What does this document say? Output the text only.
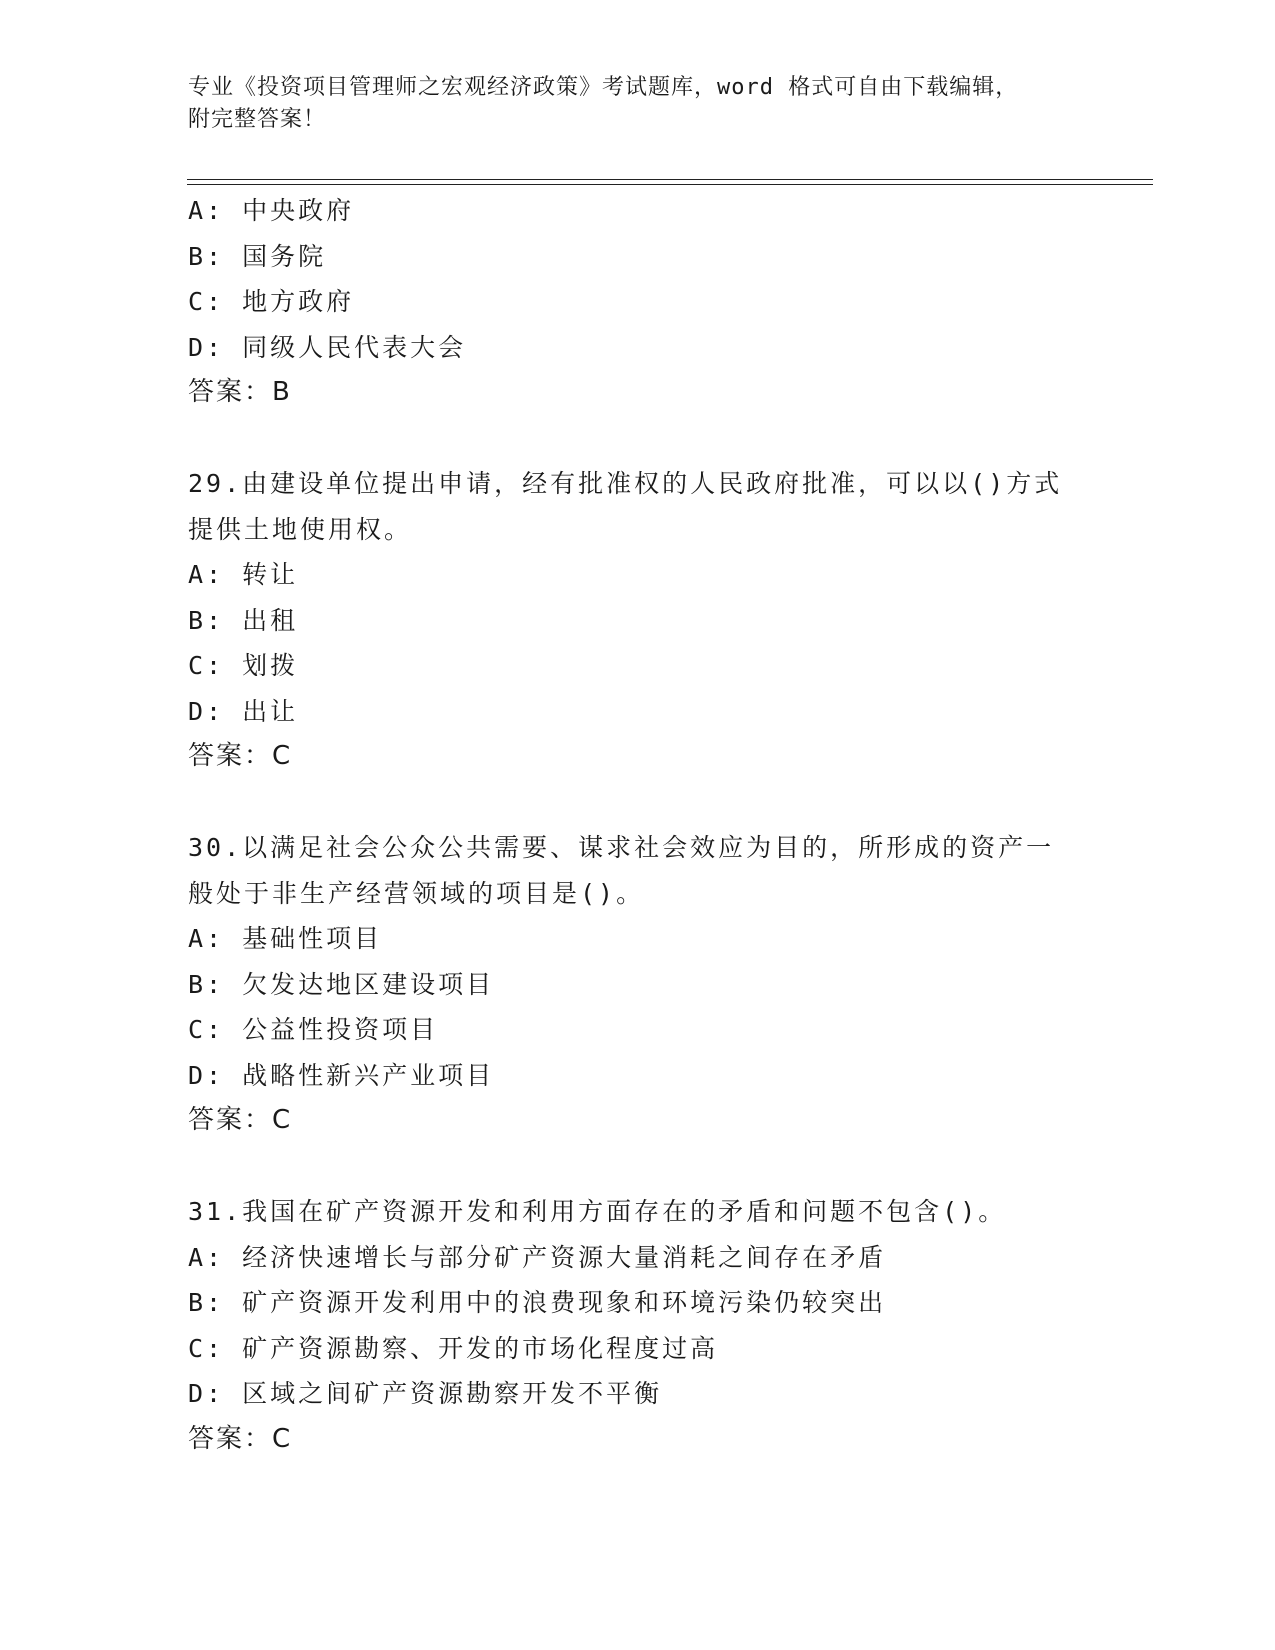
专业《投资项目管理师之宏观经济政策》考试题库，word 格式可自由下载编辑，
附完整答案！
A: 中央政府
B: 国务院
C: 地方政府
D: 同级人民代表大会
答案：B
29.由建设单位提出申请，经有批准权的人民政府批准，可以以()方式
提供土地使用权。
A: 转让
B: 出租
C: 划拨
D: 出让
答案：C
30.以满足社会公众公共需要、谋求社会效应为目的，所形成的资产一
般处于非生产经营领域的项目是()。
A: 基础性项目
B: 欠发达地区建设项目
C: 公益性投资项目
D: 战略性新兴产业项目
答案：C
31.我国在矿产资源开发和利用方面存在的矛盾和问题不包含()。
A: 经济快速增长与部分矿产资源大量消耗之间存在矛盾
B: 矿产资源开发利用中的浪费现象和环境污染仍较突出
C: 矿产资源勘察、开发的市场化程度过高
D: 区域之间矿产资源勘察开发不平衡
答案：C
